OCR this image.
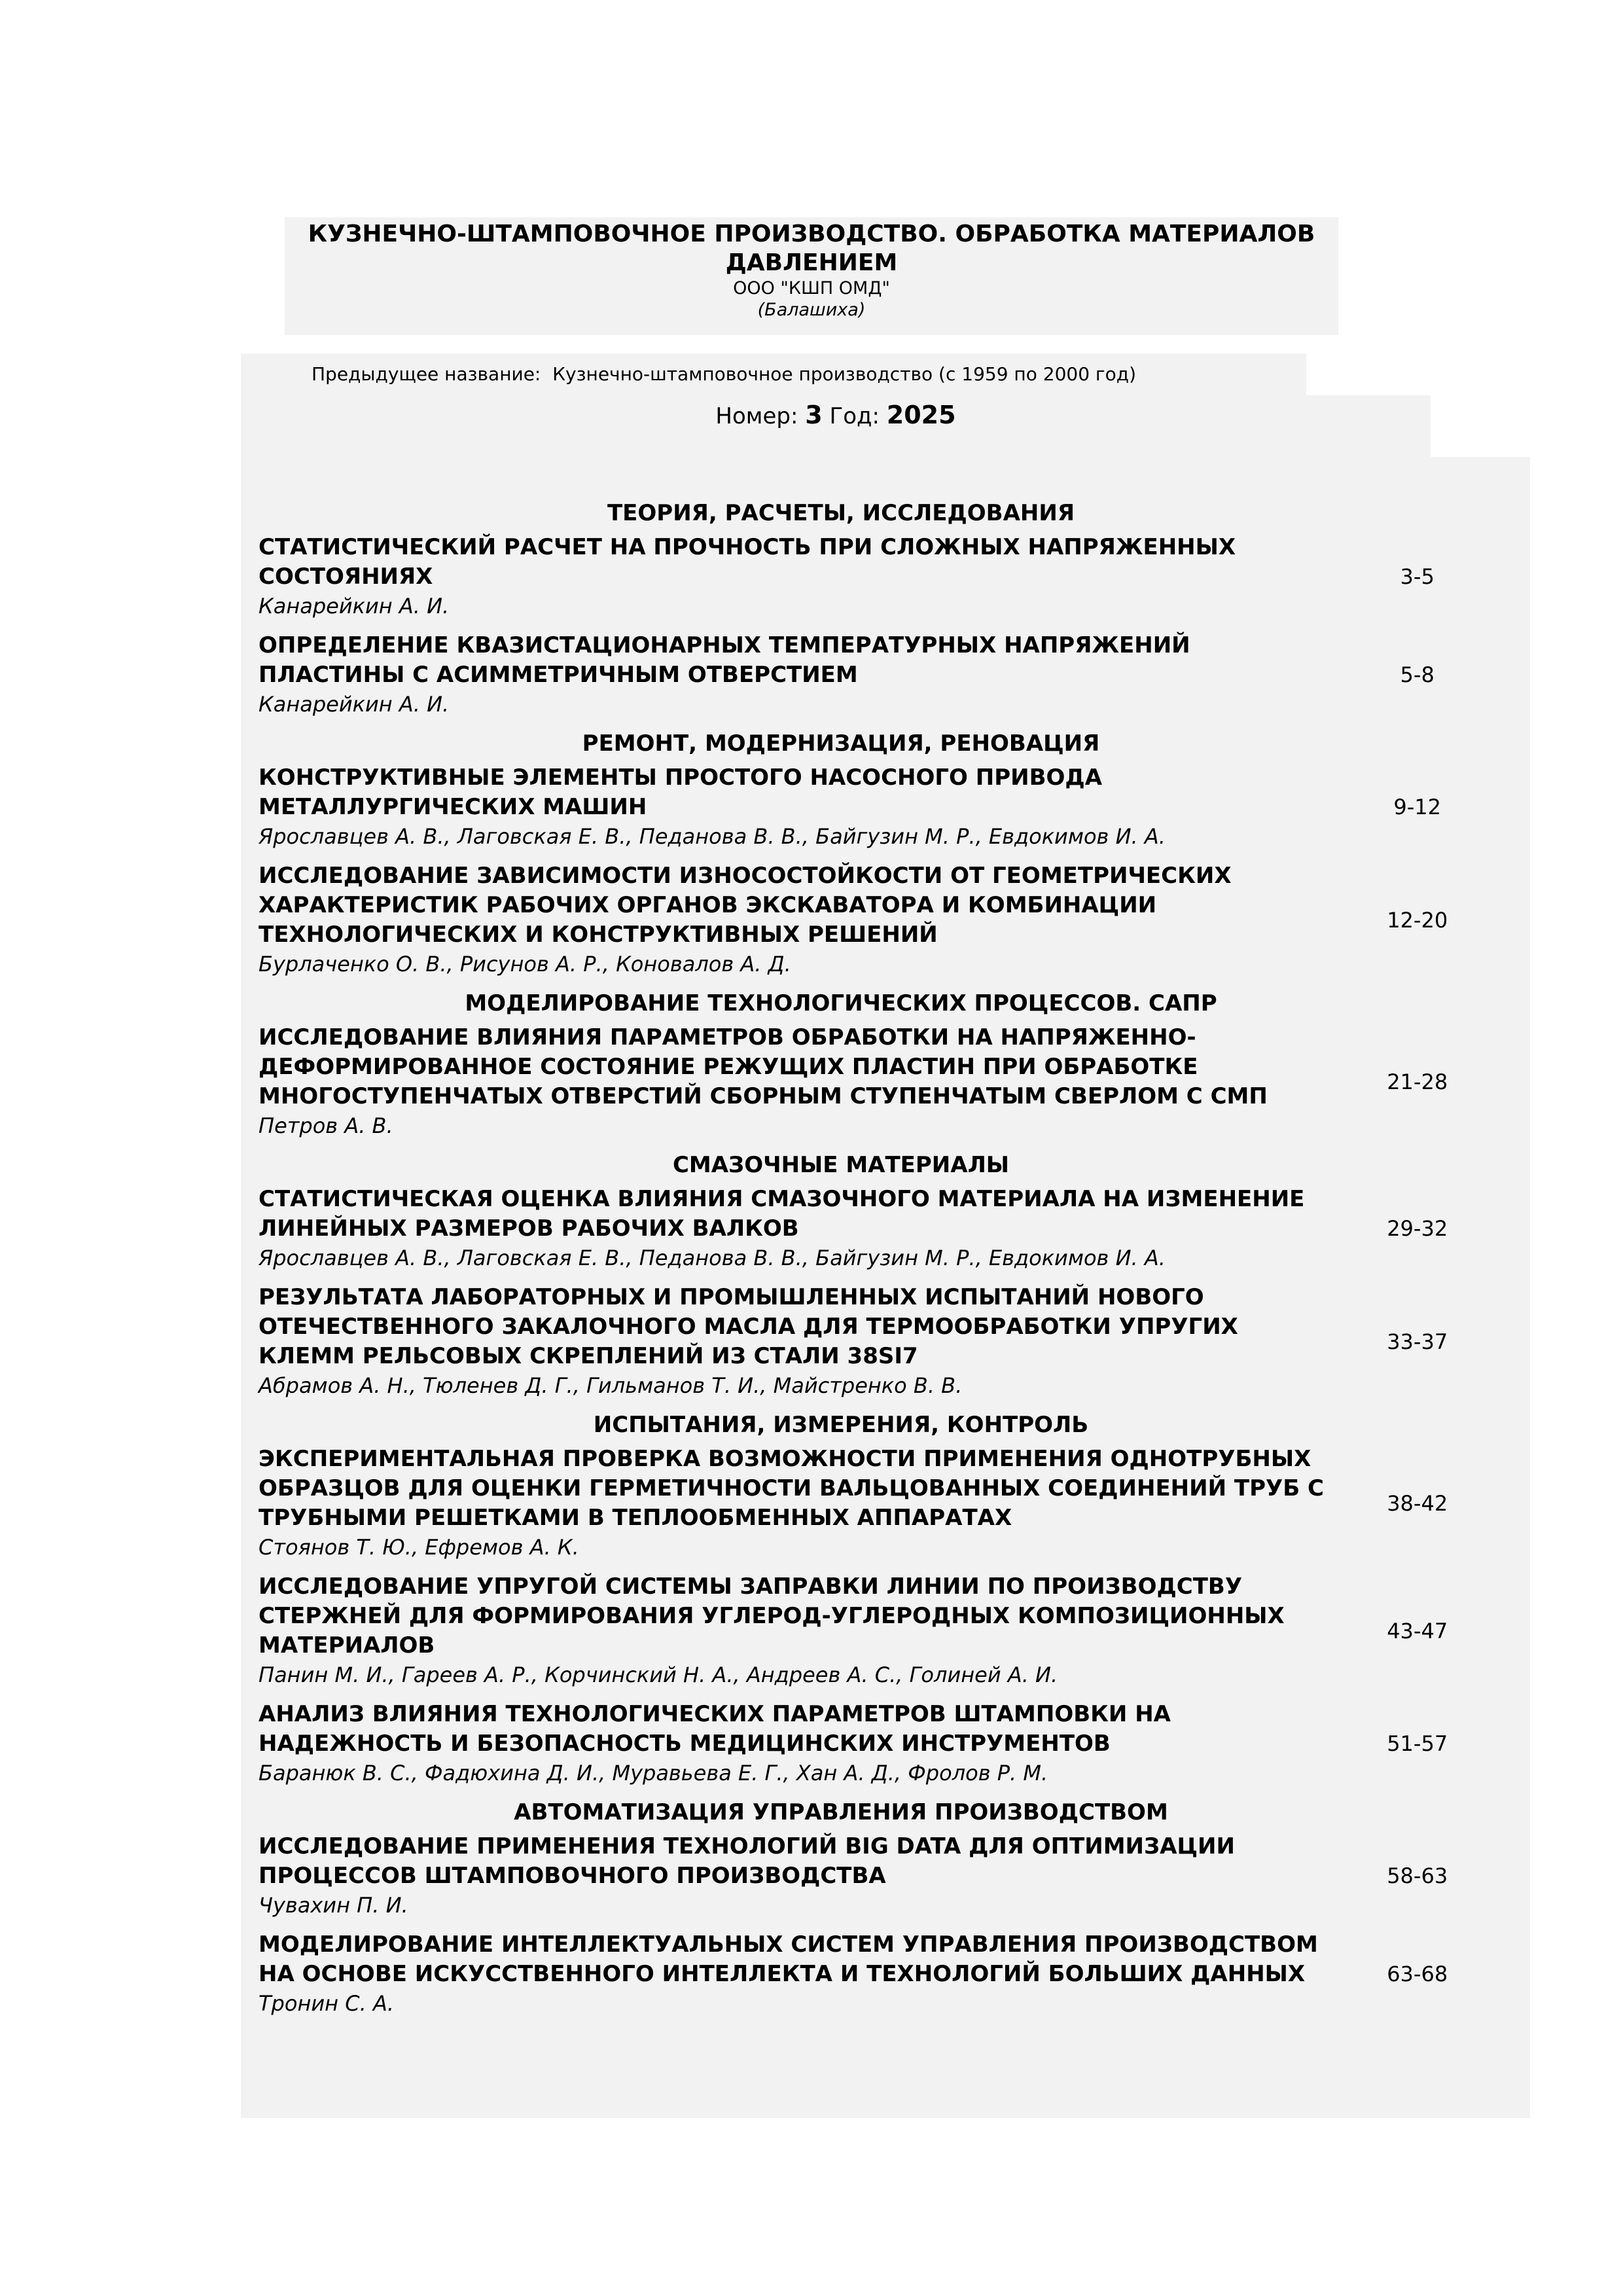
КУЗНЕЧНО-ШТАМПОВОЧНОЕ ПРОИЗВОДСТВО. ОБРАБОТКА МАТЕРИАЛОВ ДАВЛЕНИЕМ
ООО "КШП ОМД"
(Балашиха)
Предыдущее название: Кузнечно-штамповочное производство (с 1959 по 2000 год)
Номер: 3 Год: 2025
ТЕОРИЯ, РАСЧЕТЫ, ИССЛЕДОВАНИЯ
СТАТИСТИЧЕСКИЙ РАСЧЕТ НА ПРОЧНОСТЬ ПРИ СЛОЖНЫХ НАПРЯЖЕННЫХ СОСТОЯНИЯХ
Канарейкин А. И.
3-5
ОПРЕДЕЛЕНИЕ КВАЗИСТАЦИОНАРНЫХ ТЕМПЕРАТУРНЫХ НАПРЯЖЕНИЙ ПЛАСТИНЫ С АСИММЕТРИЧНЫМ ОТВЕРСТИЕМ
Канарейкин А. И.
5-8
РЕМОНТ, МОДЕРНИЗАЦИЯ, РЕНОВАЦИЯ
КОНСТРУКТИВНЫЕ ЭЛЕМЕНТЫ ПРОСТОГО НАСОСНОГО ПРИВОДА МЕТАЛЛУРГИЧЕСКИХ МАШИН
Ярославцев А. В., Лаговская Е. В., Педанова В. В., Байгузин М. Р., Евдокимов И. А.
9-12
ИССЛЕДОВАНИЕ ЗАВИСИМОСТИ ИЗНОСОСТОЙКОСТИ ОТ ГЕОМЕТРИЧЕСКИХ ХАРАКТЕРИСТИК РАБОЧИХ ОРГАНОВ ЭКСКАВАТОРА И КОМБИНАЦИИ ТЕХНОЛОГИЧЕСКИХ И КОНСТРУКТИВНЫХ РЕШЕНИЙ
Бурлаченко О. В., Рисунов А. Р., Коновалов А. Д.
12-20
МОДЕЛИРОВАНИЕ ТЕХНОЛОГИЧЕСКИХ ПРОЦЕССОВ. САПР
ИССЛЕДОВАНИЕ ВЛИЯНИЯ ПАРАМЕТРОВ ОБРАБОТКИ НА НАПРЯЖЕННО-ДЕФОРМИРОВАННОЕ СОСТОЯНИЕ РЕЖУЩИХ ПЛАСТИН ПРИ ОБРАБОТКЕ МНОГОСТУПЕНЧАТЫХ ОТВЕРСТИЙ СБОРНЫМ СТУПЕНЧАТЫМ СВЕРЛОМ С СМП
Петров А. В.
21-28
СМАЗОЧНЫЕ МАТЕРИАЛЫ
СТАТИСТИЧЕСКАЯ ОЦЕНКА ВЛИЯНИЯ СМАЗОЧНОГО МАТЕРИАЛА НА ИЗМЕНЕНИЕ ЛИНЕЙНЫХ РАЗМЕРОВ РАБОЧИХ ВАЛКОВ
Ярославцев А. В., Лаговская Е. В., Педанова В. В., Байгузин М. Р., Евдокимов И. А.
29-32
РЕЗУЛЬТАТА ЛАБОРАТОРНЫХ И ПРОМЫШЛЕННЫХ ИСПЫТАНИЙ НОВОГО ОТЕЧЕСТВЕННОГО ЗАКАЛОЧНОГО МАСЛА ДЛЯ ТЕРМООБРАБОТКИ УПРУГИХ КЛЕММ РЕЛЬСОВЫХ СКРЕПЛЕНИЙ ИЗ СТАЛИ 38SI7
Абрамов А. Н., Тюленев Д. Г., Гильманов Т. И., Майстренко В. В.
33-37
ИСПЫТАНИЯ, ИЗМЕРЕНИЯ, КОНТРОЛЬ
ЭКСПЕРИМЕНТАЛЬНАЯ ПРОВЕРКА ВОЗМОЖНОСТИ ПРИМЕНЕНИЯ ОДНОТРУБНЫХ ОБРАЗЦОВ ДЛЯ ОЦЕНКИ ГЕРМЕТИЧНОСТИ ВАЛЬЦОВАННЫХ СОЕДИНЕНИЙ ТРУБ С ТРУБНЫМИ РЕШЕТКАМИ В ТЕПЛООБМЕННЫХ АППАРАТАХ
Стоянов Т. Ю., Ефремов А. К.
38-42
ИССЛЕДОВАНИЕ УПРУГОЙ СИСТЕМЫ ЗАПРАВКИ ЛИНИИ ПО ПРОИЗВОДСТВУ СТЕРЖНЕЙ ДЛЯ ФОРМИРОВАНИЯ УГЛЕРОД-УГЛЕРОДНЫХ КОМПОЗИЦИОННЫХ МАТЕРИАЛОВ
Панин М. И., Гареев А. Р., Корчинский Н. А., Андреев А. С., Голиней А. И.
43-47
АНАЛИЗ ВЛИЯНИЯ ТЕХНОЛОГИЧЕСКИХ ПАРАМЕТРОВ ШТАМПОВКИ НА НАДЕЖНОСТЬ И БЕЗОПАСНОСТЬ МЕДИЦИНСКИХ ИНСТРУМЕНТОВ
Баранюк В. С., Фадюхина Д. И., Муравьева Е. Г., Хан А. Д., Фролов Р. М.
51-57
АВТОМАТИЗАЦИЯ УПРАВЛЕНИЯ ПРОИЗВОДСТВОМ
ИССЛЕДОВАНИЕ ПРИМЕНЕНИЯ ТЕХНОЛОГИЙ BIG DATA ДЛЯ ОПТИМИЗАЦИИ ПРОЦЕССОВ ШТАМПОВОЧНОГО ПРОИЗВОДСТВА
Чувахин П. И.
58-63
МОДЕЛИРОВАНИЕ ИНТЕЛЛЕКТУАЛЬНЫХ СИСТЕМ УПРАВЛЕНИЯ ПРОИЗВОДСТВОМ НА ОСНОВЕ ИСКУССТВЕННОГО ИНТЕЛЛЕКТА И ТЕХНОЛОГИЙ БОЛЬШИХ ДАННЫХ
Тронин С. А.
63-68
